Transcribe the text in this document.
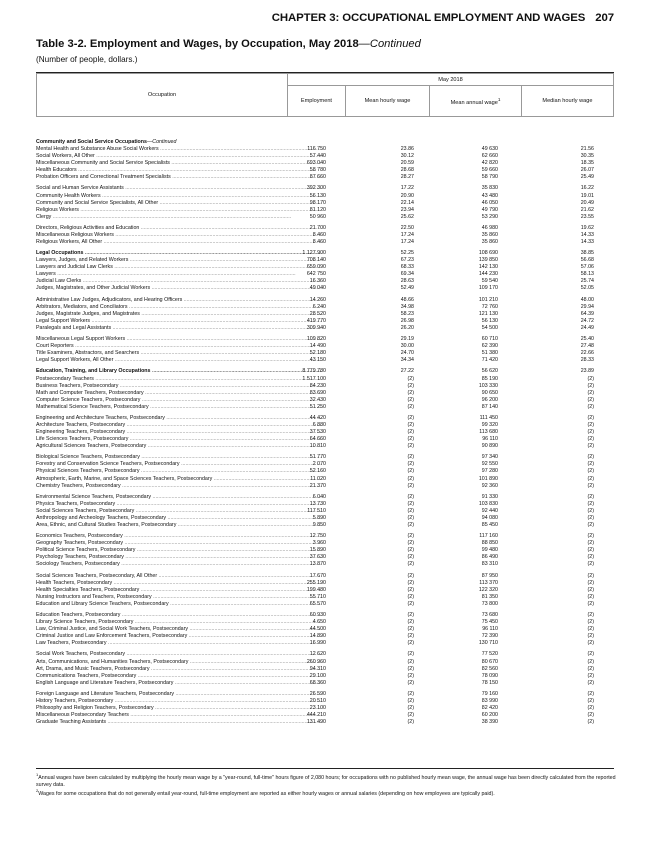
CHAPTER 3: OCCUPATIONAL EMPLOYMENT AND WAGES 207
Table 3-2. Employment and Wages, by Occupation, May 2018—Continued
(Number of people, dollars.)
Occupation	May 2018			
	Employment	Mean hourly wage	Mean annual wage$^1$	Median hourly wage
Community and Social Service Occupations—Continued
Mental Health and Substance Abuse Social Workers .....	116 750	23.86	49 630	21.56
Social Workers, All Other .....	57 440	30.12	62 660	30.35
Miscellaneous Community and Social Service Specialists .....	693 040	20.59	42 820	18.35
Health Educators .....	58 780	28.68	59 660	26.07
Probation Officers and Correctional Treatment Specialists .....	87 660	28.27	58 790	25.49
Social and Human Service Assistants .....	392 300	17.22	35 830	16.22
Community Health Workers .....	56 130	20.90	43 480	19.01
Community and Social Service Specialists, All Other .....	98 170	22.14	46 050	20.49
Religious Workers .....	81 120	23.94	49 790	21.62
Clergy .....	50 960	25.62	53 290	23.55
Directors, Religious Activities and Education .....	21 700	22.50	46 980	19.62
Miscellaneous Religious Workers .....	8 460	17.24	35 860	14.33
Religious Workers, All Other .....	8 460	17.24	35 860	14.33
Legal Occupations .....	1 127 900	52.25	108 690	38.85
Lawyers, Judges, and Related Workers .....	708 140	67.23	139 850	56.68
Lawyers and Judicial Law Clerks .....	659 090	68.33	142 130	57.06
Lawyers .....	642 750	69.34	144 230	58.13
Judicial Law Clerks .....	16 360	28.63	59 540	25.74
Judges, Magistrates, and Other Judicial Workers .....	49 040	52.49	109 170	52.05
Administrative Law Judges, Adjudicators, and Hearing Officers .....	14 260	48.66	101 210	48.00
Arbitrators, Mediators, and Conciliators .....	6 240	34.98	72 760	29.94
Judges, Magistrate Judges, and Magistrates .....	28 520	58.23	121 130	64.39
Legal Support Workers .....	419 770	26.98	56 130	24.72
Paralegals and Legal Assistants .....	309 940	26.20	54 500	24.49
Miscellaneous Legal Support Workers .....	109 820	29.19	60 710	25.40
Court Reporters .....	14 490	30.00	62 390	27.48
Title Examiners, Abstractors, and Searchers .....	52 180	24.70	51 380	22.66
Legal Support Workers, All Other .....	43 150	34.34	71 420	28.33
Education, Training, and Library Occupations .....	8 779 780	27.22	56 620	23.89
Postsecondary Teachers .....	1 517 100	(2)	85 190	(2)
Business Teachers, Postsecondary .....	84 230	(2)	103 330	(2)
Math and Computer Teachers, Postsecondary .....	83 690	(2)	90 650	(2)
Computer Science Teachers, Postsecondary .....	32 430	(2)	96 200	(2)
Mathematical Science Teachers, Postsecondary .....	51 250	(2)	87 140	(2)
Engineering and Architecture Teachers, Postsecondary .....	44 420	(2)	111 450	(2)
Architecture Teachers, Postsecondary .....	6 880	(2)	99 320	(2)
Engineering Teachers, Postsecondary .....	37 530	(2)	113 680	(2)
Life Sciences Teachers, Postsecondary .....	64 660	(2)	96 110	(2)
Agricultural Sciences Teachers, Postsecondary .....	10 810	(2)	90 890	(2)
Biological Science Teachers, Postsecondary .....	51 770	(2)	97 340	(2)
Forestry and Conservation Science Teachers, Postsecondary .....	2 070	(2)	92 550	(2)
Physical Sciences Teachers, Postsecondary .....	52 160	(2)	97 280	(2)
Atmospheric, Earth, Marine, and Space Sciences Teachers, Postsecondary .....	11 020	(2)	101 890	(2)
Chemistry Teachers, Postsecondary .....	21 370	(2)	92 360	(2)
Environmental Science Teachers, Postsecondary .....	6 040	(2)	91 330	(2)
Physics Teachers, Postsecondary .....	13 730	(2)	103 830	(2)
Social Sciences Teachers, Postsecondary .....	117 510	(2)	92 440	(2)
Anthropology and Archeology Teachers, Postsecondary .....	5 890	(2)	94 080	(2)
Area, Ethnic, and Cultural Studies Teachers, Postsecondary .....	9 850	(2)	85 450	(2)
Economics Teachers, Postsecondary .....	12 750	(2)	117 160	(2)
Geography Teachers, Postsecondary .....	3 960	(2)	88 850	(2)
Political Science Teachers, Postsecondary .....	15 890	(2)	99 480	(2)
Psychology Teachers, Postsecondary .....	37 630	(2)	86 490	(2)
Sociology Teachers, Postsecondary .....	13 870	(2)	83 310	(2)
Social Sciences Teachers, Postsecondary, All Other .....	17 670	(2)	87 950	(2)
Health Teachers, Postsecondary .....	255 190	(2)	113 370	(2)
Health Specialties Teachers, Postsecondary .....	199 480	(2)	122 320	(2)
Nursing Instructors and Teachers, Postsecondary .....	55 710	(2)	81 350	(2)
Education and Library Science Teachers, Postsecondary .....	65 570	(2)	73 800	(2)
Education Teachers, Postsecondary .....	60 930	(2)	73 680	(2)
Library Science Teachers, Postsecondary .....	4 650	(2)	75 450	(2)
Law, Criminal Justice, and Social Work Teachers, Postsecondary .....	44 500	(2)	96 110	(2)
Criminal Justice and Law Enforcement Teachers, Postsecondary .....	14 890	(2)	72 390	(2)
Law Teachers, Postsecondary .....	16 990	(2)	130 710	(2)
Social Work Teachers, Postsecondary .....	12 620	(2)	77 520	(2)
Arts, Communications, and Humanities Teachers, Postsecondary .....	260 960	(2)	80 670	(2)
Art, Drama, and Music Teachers, Postsecondary .....	94 310	(2)	82 560	(2)
Communications Teachers, Postsecondary .....	29 100	(2)	78 090	(2)
English Language and Literature Teachers, Postsecondary .....	68 360	(2)	78 150	(2)
Foreign Language and Literature Teachers, Postsecondary .....	26 590	(2)	79 160	(2)
History Teachers, Postsecondary .....	20 510	(2)	83 990	(2)
Philosophy and Religion Teachers, Postsecondary .....	23 100	(2)	82 420	(2)
Miscellaneous Postsecondary Teachers .....	444 210	(2)	60 200	(2)
Graduate Teaching Assistants .....	131 490	(2)	38 390	(2)
$^1$Annual wages have been calculated by multiplying the hourly mean wage by a "year-round, full-time" hours figure of 2,080 hours; for occupations with no published hourly mean wage, the annual wage has been directly calculated from the reported survey data.
$^2$Wages for some occupations that do not generally entail year-round, full-time employment are reported as either hourly wages or annual salaries (depending on how employees are typically paid).
